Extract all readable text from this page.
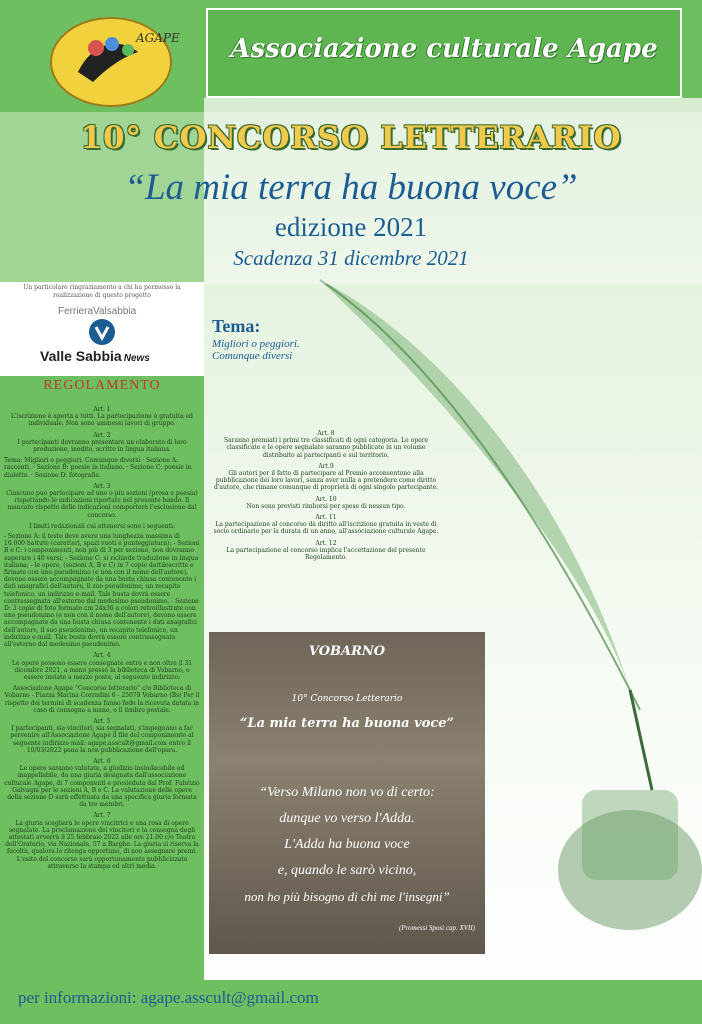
Associazione culturale Agape
AGAPE
10° CONCORSO LETTERARIO
“La mia terra ha buona voce”
edizione 2021
Scadenza 31 dicembre 2021
Un particolare ringraziamento a chi ha permesso la realizzazione di questo progetto
FerrieraValsabbia
Valle Sabbia News
REGOLAMENTO
Art. 1
L'iscrizione è aperta a tutti. La partecipazione è gratuita ed individuale. Non sono ammessi lavori di gruppo.
Art. 2
I partecipanti dovranno presentare un elaborato di loro produzione, inedito, scritto in lingua italiana.
Tema: Migliori o peggiori. Comunque diversi · Sezione A: racconti. · Sezione B: poesie in italiano. · Sezione C: poesie in dialetto. · Sezione D: fotografie.
Art. 3
Ciascuno può partecipare ad uno o più sezioni (prosa e poesia) rispettando le indicazioni riportate nel presente bando. Il mancato rispetto delle indicazioni comporterà l'esclusione dal concorso.
I limiti redazionali cui attenersi sono i seguenti:
- Sezione A: il testo deve avere una lunghezza massima di 10.000 battute (caratteri, spazi vuoti e punteggiatura); - Sezioni B e C: i componimenti, non più di 3 per sezione, non dovranno superare i 40 versi; - Sezione C: si richiede traduzione in lingua italiana; - le opere, (sezioni A, B e C) in 7 copie dattiloscritte e firmate con uno pseudonimo (e non con il nome dell'autore), devono essere accompagnate da una busta chiusa contenente i dati anagrafici dell'autore, il suo pseudonimo, un recapito telefonico, un indirizzo e-mail. Tale busta dovrà essere contrassegnata all'esterno dal medesimo pseudonimo. - Sezione D: 3 copie di foto formato cm 24x36 a colori retroillustrate con uno pseudonimo (e non con il nome dell'autore), devono essere accompagnate da una busta chiusa contenente i dati anagrafici dell'autore, il suo pseudonimo, un recapito telefonico, un indirizzo e-mail. Tale busta dovrà essere contrassegnata all'esterno dal medesimo pseudonimo.
Art. 4
Le opere possono essere consegnate entro e non oltre il 31 dicembre 2021, a mano presso la biblioteca di Vobarno, o essere inviate a mezzo posta, al seguente indirizzo:
Associazione Agape “Concorso letterario” c/o Biblioteca di Vobarno - Piazza Marina Corradini 6 - 25079 Vobarno (Bs) Per il rispetto dei termini di scadenza fanno fede la ricevuta datata in caso di consegna a mano, o il timbro postale.
Art. 5
I partecipanti, sia vincitori, sia segnalati, s'impegnano a far pervenire all'Associazione Agape il file del componimento al seguente indirizzo mail: agape.asscult@gmail.com entro il 10/03/2022 pena la non pubblicazione dell'opera.
Art. 6
Le opere saranno valutate, a giudizio insindacabile ed inappellabile, da una giuria designata dall'associazione culturale Agape, di 7 componenti e presieduta dal Prof. Fabrizio Galvagni per le sezioni A, B e C. La valutazione delle opere della sezione D sarà effettuata da una specifica giuria formata da tre membri.
Art. 7
La giuria sceglierà le opere vincitrici e una rosa di opere segnalate. La proclamazione dei vincitori e la consegna degli attestati avverrà il 25 febbraio 2022 alle ore 21.00 c/o Teatro dell'Oratorio, via Nazionale, 57 a Barghe. La giuria si riserva la facoltà, qualora lo ritenga opportuno, di non assegnare premi. L'esito del concorso sarà opportunamente pubblicizzato attraverso la stampa ed altri media.
Tema:
Migliori o peggiori.
Comunque diversi
Art. 8
Saranno premiati i primi tre classificati di ogni categoria. Le opere classificate e le opere segnalate saranno pubblicate in un volume distribuito ai partecipanti e sul territorio.
Art.9
Gli autori per il fatto di partecipare al Premio acconsentono alla pubblicazione dei loro lavori, senza aver nulla a pretendere come diritto d'autore, che rimane comunque di proprietà di ogni singolo partecipante.
Art. 10
Non sono previsti rimborsi per spese di nessun tipo.
Art. 11
La partecipazione al concorso dà diritto all'iscrizione gratuita in veste di socio ordinario per la durata di un anno, all'associazione culturale Agape.
Art. 12
La partecipazione al concorso implica l'accettazione del presente Regolamento.
VOBARNO
10° Concorso Letterario
“La mia terra ha buona voce”
“Verso Milano non vo di certo:
dunque vo verso l'Adda.
L'Adda ha buona voce
e, quando le sarò vicino,
non ho più bisogno di chi me l'insegni”
(Promessi Sposi cap. XVII)
per informazioni: agape.asscult@gmail.com
